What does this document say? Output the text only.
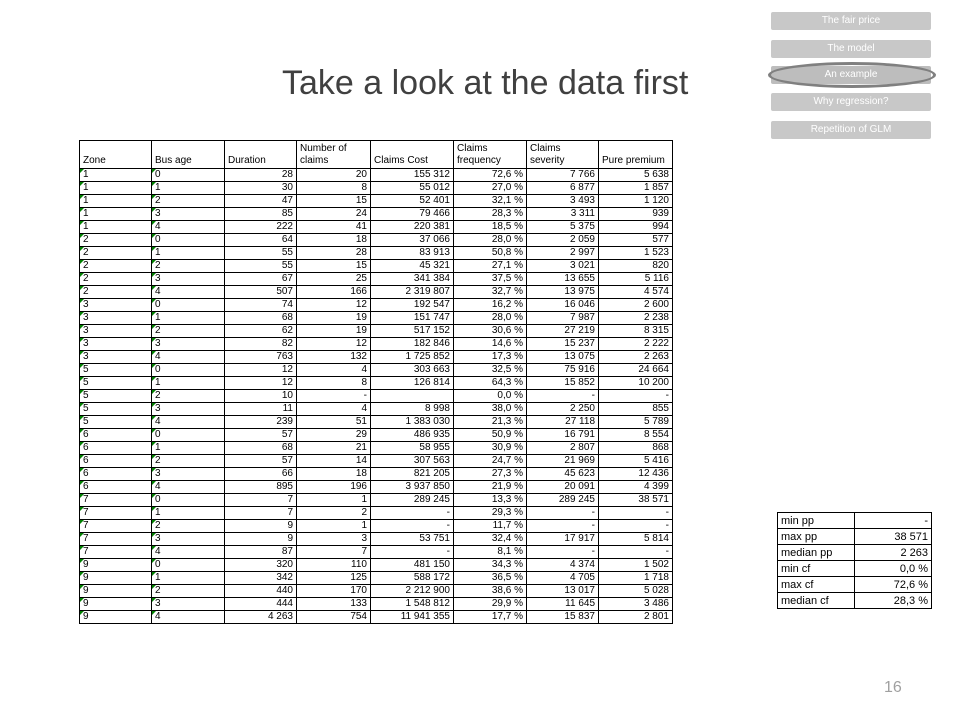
Take a look at the data first
The fair price
The model
An example
Why regression?
Repetition of GLM
Zone	Bus age	Duration	Number of claims	Claims Cost	Claims frequency	Claims severity	Pure premium
1	0	28	20	155 312	72,6 %	7 766	5 638
1	1	30	8	55 012	27,0 %	6 877	1 857
1	2	47	15	52 401	32,1 %	3 493	1 120
1	3	85	24	79 466	28,3 %	3 311	939
1	4	222	41	220 381	18,5 %	5 375	994
2	0	64	18	37 066	28,0 %	2 059	577
2	1	55	28	83 913	50,8 %	2 997	1 523
2	2	55	15	45 321	27,1 %	3 021	820
2	3	67	25	341 384	37,5 %	13 655	5 116
2	4	507	166	2 319 807	32,7 %	13 975	4 574
3	0	74	12	192 547	16,2 %	16 046	2 600
3	1	68	19	151 747	28,0 %	7 987	2 238
3	2	62	19	517 152	30,6 %	27 219	8 315
3	3	82	12	182 846	14,6 %	15 237	2 222
3	4	763	132	1 725 852	17,3 %	13 075	2 263
5	0	12	4	303 663	32,5 %	75 916	24 664
5	1	12	8	126 814	64,3 %	15 852	10 200
5	2	10	-		0,0 %	-	-
5	3	11	4	8 998	38,0 %	2 250	855
5	4	239	51	1 383 030	21,3 %	27 118	5 789
6	0	57	29	486 935	50,9 %	16 791	8 554
6	1	68	21	58 955	30,9 %	2 807	868
6	2	57	14	307 563	24,7 %	21 969	5 416
6	3	66	18	821 205	27,3 %	45 623	12 436
6	4	895	196	3 937 850	21,9 %	20 091	4 399
7	0	7	1	289 245	13,3 %	289 245	38 571
7	1	7	2	-	29,3 %	-	-
7	2	9	1	-	11,7 %	-	-
7	3	9	3	53 751	32,4 %	17 917	5 814
7	4	87	7	-	8,1 %	-	-
9	0	320	110	481 150	34,3 %	4 374	1 502
9	1	342	125	588 172	36,5 %	4 705	1 718
9	2	440	170	2 212 900	38,6 %	13 017	5 028
9	3	444	133	1 548 812	29,9 %	11 645	3 486
9	4	4 263	754	11 941 355	17,7 %	15 837	2 801
min pp	-
max pp	38 571
median pp	2 263
min cf	0,0 %
max cf	72,6 %
median cf	28,3 %
16
